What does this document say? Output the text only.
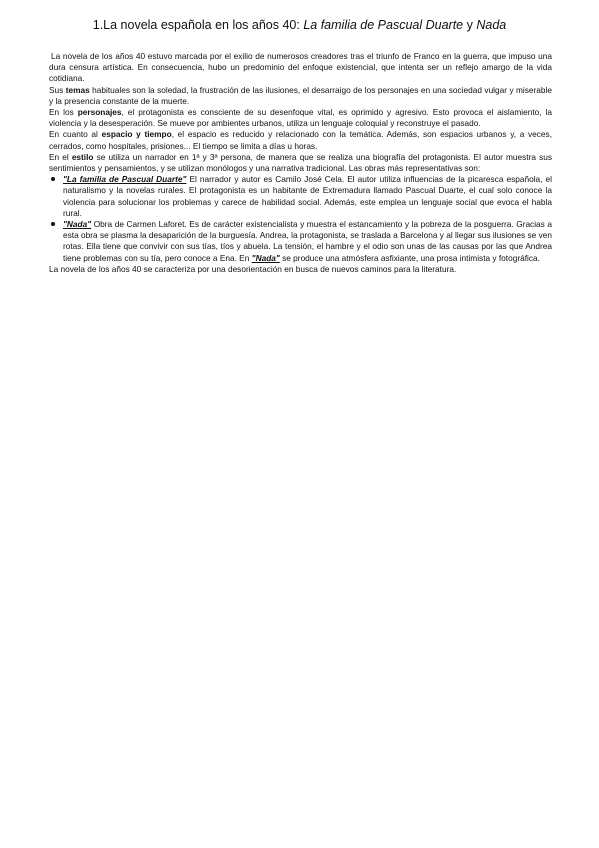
1.La novela española en los años 40: La familia de Pascual Duarte y Nada

La novela de los años 40 estuvo marcada por el exilio de numerosos creadores tras el triunfo de Franco en la guerra, que impuso una dura censura artística. En consecuencia, hubo un predominio del enfoque existencial, que intenta ser un reflejo amargo de la vida cotidiana.

Sus temas habituales son la soledad, la frustración de las ilusiones, el desarraigo de los personajes en una sociedad vulgar y miserable y la presencia constante de la muerte.

En los personajes, el protagonista es consciente de su desenfoque vital, es oprimido y agresivo. Esto provoca el aislamiento, la violencia y la desesperación. Se mueve por ambientes urbanos, utiliza un lenguaje coloquial y reconstruye el pasado.

En cuanto al espacio y tiempo, el espacio es reducido y relacionado con la temática. Además, son espacios urbanos y, a veces, cerrados, como hospitales, prisiones... El tiempo se limita a días u horas.

En el estilo se utiliza un narrador en 1ª y 3ª persona, de manera que se realiza una biografía del protagonista. El autor muestra sus sentimientos y pensamientos, y se utilizan monólogos y una narrativa tradicional. Las obras más representativas son:

"La familia de Pascual Duarte" El narrador y autor es Camilo José Cela. El autor utiliza influencias de la picaresca española, el naturalismo y la novelas rurales. El protagonista es un habitante de Extremadura llamado Pascual Duarte, el cual solo conoce la violencia para solucionar los problemas y carece de habilidad social. Además, este emplea un lenguaje social que evoca el habla rural.
"Nada" Obra de Carmen Laforet. Es de carácter existencialista y muestra el estancamiento y la pobreza de la posguerra. Gracias a esta obra se plasma la desaparición de la burguesía. Andrea, la protagonista, se traslada a Barcelona y al llegar sus ilusiones se ven rotas. Ella tiene que convivir con sus tías, tíos y abuela. La tensión, el hambre y el odio son unas de las causas por las que Andrea tiene problemas con su tía, pero conoce a Ena. En "Nada" se produce una atmósfera asfixiante, una prosa intimista y fotográfica.

La novela de los años 40 se caracteriza por una desorientación en busca de nuevos caminos para la literatura.
